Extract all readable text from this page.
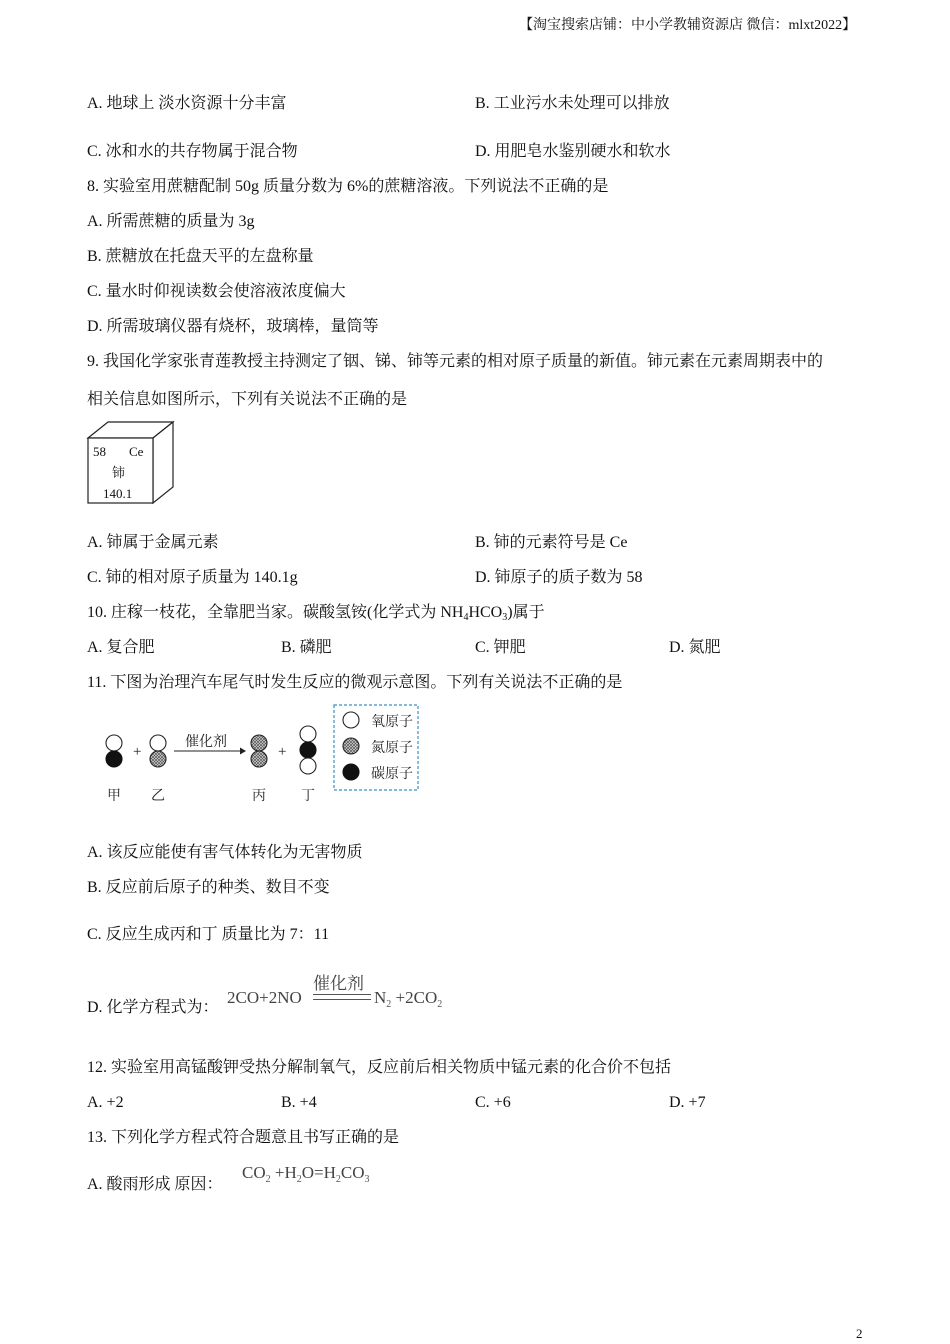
【淘宝搜索店铺：中小学教辅资源店 微信：mlxt2022】
A. 地球上 淡水资源十分丰富	B. 工业污水未处理可以排放
C. 冰和水的共存物属于混合物	D. 用肥皂水鉴别硬水和软水
8. 实验室用蔗糖配制 50g 质量分数为 6%的蔗糖溶液。下列说法不正确的是
A. 所需蔗糖的质量为 3g
B. 蔗糖放在托盘天平的左盘称量
C. 量水时仰视读数会使溶液浓度偏大
D. 所需玻璃仪器有烧杯，玻璃棒，量筒等
9. 我国化学家张青莲教授主持测定了铟、锑、铈等元素的相对原子质量的新值。铈元素在元素周期表中的
相关信息如图所示，下列有关说法不正确的是
58 Ce
铈
140.1
A. 铈属于金属元素	B. 铈的元素符号是 Ce
C. 铈的相对原子质量为 140.1g	D. 铈原子的质子数为 58
10. 庄稼一枝花，全靠肥当家。碳酸氢铵(化学式为 $NH_4HCO_3$)属于
A. 复合肥	B. 磷肥	C. 钾肥	D. 氮肥
11. 下图为治理汽车尾气时发生反应的微观示意图。下列有关说法不正确的是
+
催化剂
+
甲 乙	丙	丁
氧原子
氮原子
碳原子
A. 该反应能使有害气体转化为无害物质
B. 反应前后原子的种类、数目不变
C. 反应生成丙和丁 质量比为 7：11
D. 化学方程式为：
2CO+2NO
催化剂
$N_2 +2CO_2$
12. 实验室用高锰酸钾受热分解制氧气，反应前后相关物质中锰元素的化合价不包括
A. +2	B. +4	C. +6	D. +7
13. 下列化学方程式符合题意且书写正确的是
A. 酸雨形成 原因：
$CO_2 +H_2O=H_2CO_3$
2
